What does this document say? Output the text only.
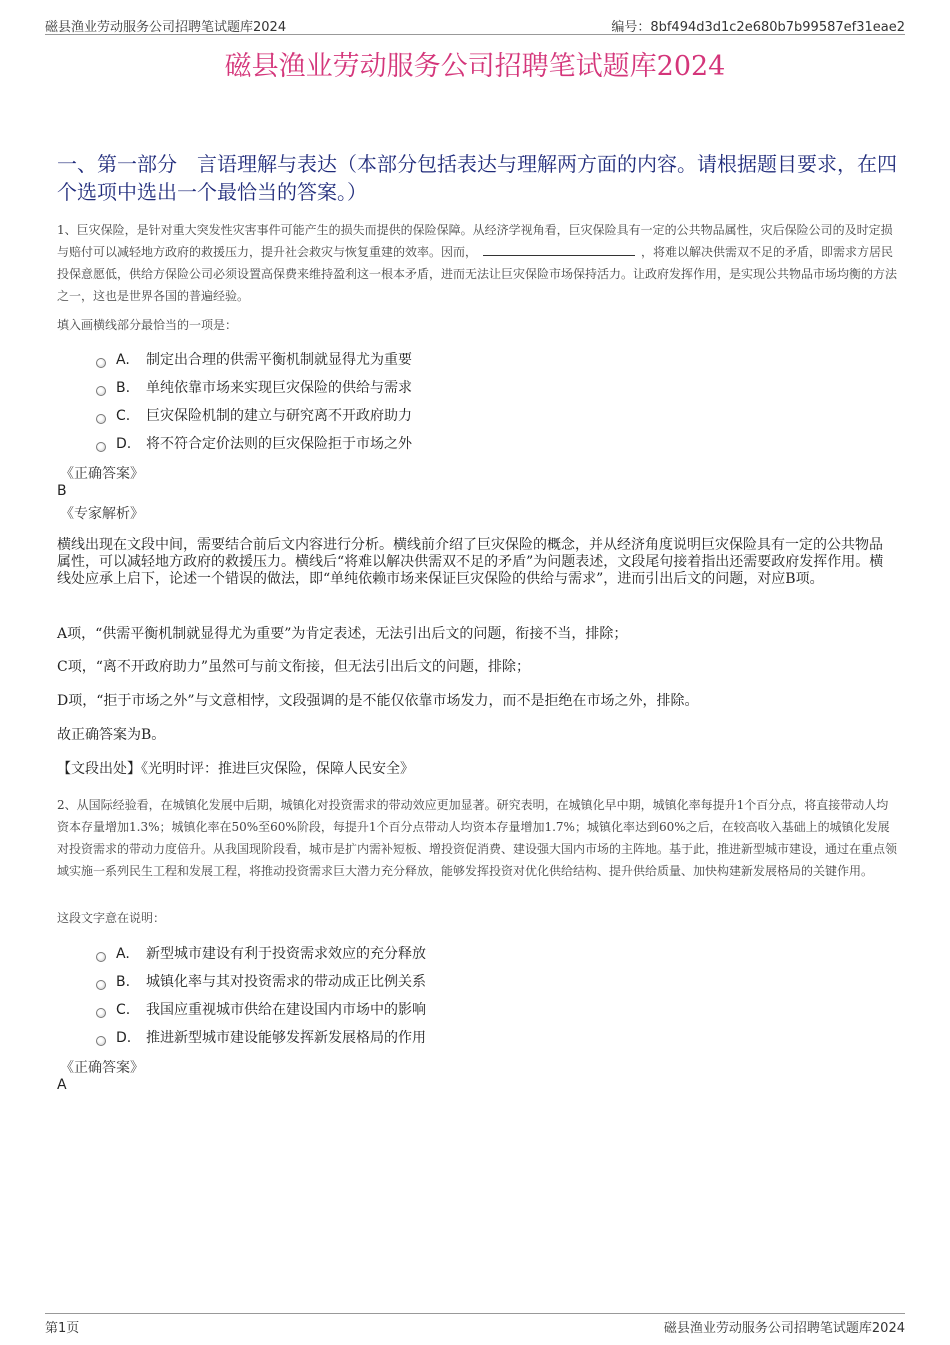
磁县渔业劳动服务公司招聘笔试题库2024	编号：8bf494d3d1c2e680b7b99587ef31eae2
磁县渔业劳动服务公司招聘笔试题库2024
一、第一部分　言语理解与表达（本部分包括表达与理解两方面的内容。请根据题目要求，在四个选项中选出一个最恰当的答案。）
1、巨灾保险，是针对重大突发性灾害事件可能产生的损失而提供的保险保障。从经济学视角看，巨灾保险具有一定的公共物品属性，灾后保险公司的及时定损与赔付可以减轻地方政府的救援压力，提升社会救灾与恢复重建的效率。因而，	，将难以解决供需双不足的矛盾，即需求方居民投保意愿低，供给方保险公司必须设置高保费来维持盈利这一根本矛盾，进而无法让巨灾保险市场保持活力。让政府发挥作用，是实现公共物品市场均衡的方法之一，这也是世界各国的普遍经验。
填入画横线部分最恰当的一项是：
A.	制定出合理的供需平衡机制就显得尤为重要
B.	单纯依靠市场来实现巨灾保险的供给与需求
C.	巨灾保险机制的建立与研究离不开政府助力
D.	将不符合定价法则的巨灾保险拒于市场之外
《正确答案》
B
《专家解析》
横线出现在文段中间，需要结合前后文内容进行分析。横线前介绍了巨灾保险的概念，并从经济角度说明巨灾保险具有一定的公共物品属性，可以减轻地方政府的救援压力。横线后“将难以解决供需双不足的矛盾”为问题表述，文段尾句接着指出还需要政府发挥作用。横线处应承上启下，论述一个错误的做法，即“单纯依赖市场来保证巨灾保险的供给与需求”，进而引出后文的问题，对应B项。
A项，“供需平衡机制就显得尤为重要”为肯定表述，无法引出后文的问题，衔接不当，排除；
C项，“离不开政府助力”虽然可与前文衔接，但无法引出后文的问题，排除；
D项，“拒于市场之外”与文意相悖，文段强调的是不能仅依靠市场发力，而不是拒绝在市场之外，排除。
故正确答案为B。
【文段出处】《光明时评：推进巨灾保险，保障人民安全》
2、从国际经验看，在城镇化发展中后期，城镇化对投资需求的带动效应更加显著。研究表明，在城镇化早中期，城镇化率每提升1个百分点，将直接带动人均资本存量增加1.3%；城镇化率在50%至60%阶段，每提升1个百分点带动人均资本存量增加1.7%；城镇化率达到60%之后，在较高收入基础上的城镇化发展对投资需求的带动力度倍升。从我国现阶段看，城市是扩内需补短板、增投资促消费、建设强大国内市场的主阵地。基于此，推进新型城市建设，通过在重点领域实施一系列民生工程和发展工程，将推动投资需求巨大潜力充分释放，能够发挥投资对优化供给结构、提升供给质量、加快构建新发展格局的关键作用。
这段文字意在说明：
A.	新型城市建设有利于投资需求效应的充分释放
B.	城镇化率与其对投资需求的带动成正比例关系
C.	我国应重视城市供给在建设国内市场中的影响
D.	推进新型城市建设能够发挥新发展格局的作用
《正确答案》
A
第1页	磁县渔业劳动服务公司招聘笔试题库2024
